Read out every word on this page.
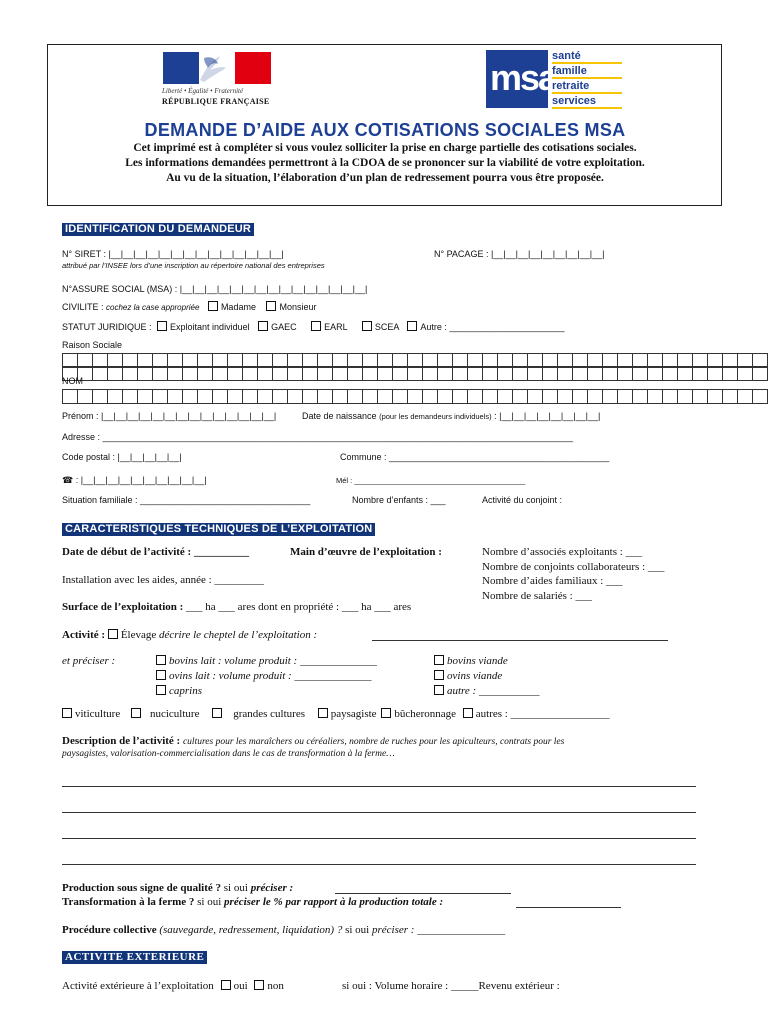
Liberté • Égalité • Fraternité
RÉPUBLIQUE FRANÇAISE
msa
santé
famille
retraite
services
DEMANDE D’AIDE AUX COTISATIONS SOCIALES MSA
Cet imprimé est à compléter si vous voulez solliciter la prise en charge partielle des cotisations sociales.
Les informations demandées permettront à la CDOA de se prononcer sur la viabilité de votre exploitation.
Au vu de la situation, l’élaboration d’un plan de redressement pourra vous être proposée.
IDENTIFICATION DU DEMANDEUR
N° SIRET : |__|__|__|__|__|__|__|__|__|__|__|__|__|__|	N° PACAGE : |__|__|__|__|__|__|__|__|__|
attribué par l’INSEE lors d’une inscription au répertoire national des entreprises
N°ASSURE SOCIAL (MSA) : |__|__|__|__|__|__|__|__|__|__|__|__|__|__|__|
CIVILITE : cochez la case appropriée Madame	Monsieur
STATUT JURIDIQUE : Exploitant individuel GAEC	EARL	SCEA Autre : _______________________
Raison Sociale
NOM
Prénom : |__|__|__|__|__|__|__|__|__|__|__|__|__|__|	Date de naissance (pour les demandeurs individuels) : |__|__|__|__|__|__|__|__|
Adresse : ______________________________________________________________________________________________
Code postal : |__|__|__|__|__|	Commune : ____________________________________________
☎ : |__|__|__|__|__|__|__|__|__|__|	Mél : _________________________________________
Situation familiale : __________________________________	Nombre d’enfants : ___	Activité du conjoint :
CARACTERISTIQUES TECHNIQUES DE L’EXPLOITATION
Date de début de l’activité : __________	Main d’œuvre de l’exploitation :	Nombre d’associés exploitants : ___
Nombre de conjoints collaborateurs : ___
Installation avec les aides, année : _________	Nombre d’aides familiaux : ___
Nombre de salariés : ___
Surface de l’exploitation : ___ ha ___ ares dont en propriété : ___ ha ___ ares
Activité : Élevage décrire le cheptel de l’exploitation :
et préciser :	bovins lait : volume produit : ______________
ovins lait : volume produit : ______________
caprins
bovins viande
ovins viande
autre : ___________
viticulture	nuciculture	grandes cultures paysagiste bûcheronnage autres : __________________
Description de l’activité : cultures pour les maraîchers ou céréaliers, nombre de ruches pour les apiculteurs, contrats pour les
paysagistes, valorisation-commercialisation dans le cas de transformation à la ferme…
Production sous signe de qualité ? si oui préciser :
Transformation à la ferme ? si oui préciser le % par rapport à la production totale :
Procédure collective (sauvegarde, redressement, liquidation) ? si oui préciser : ________________
ACTIVITE EXTERIEURE
Activité extérieure à l’exploitation oui non	si oui : Volume horaire : _____Revenu extérieur :
